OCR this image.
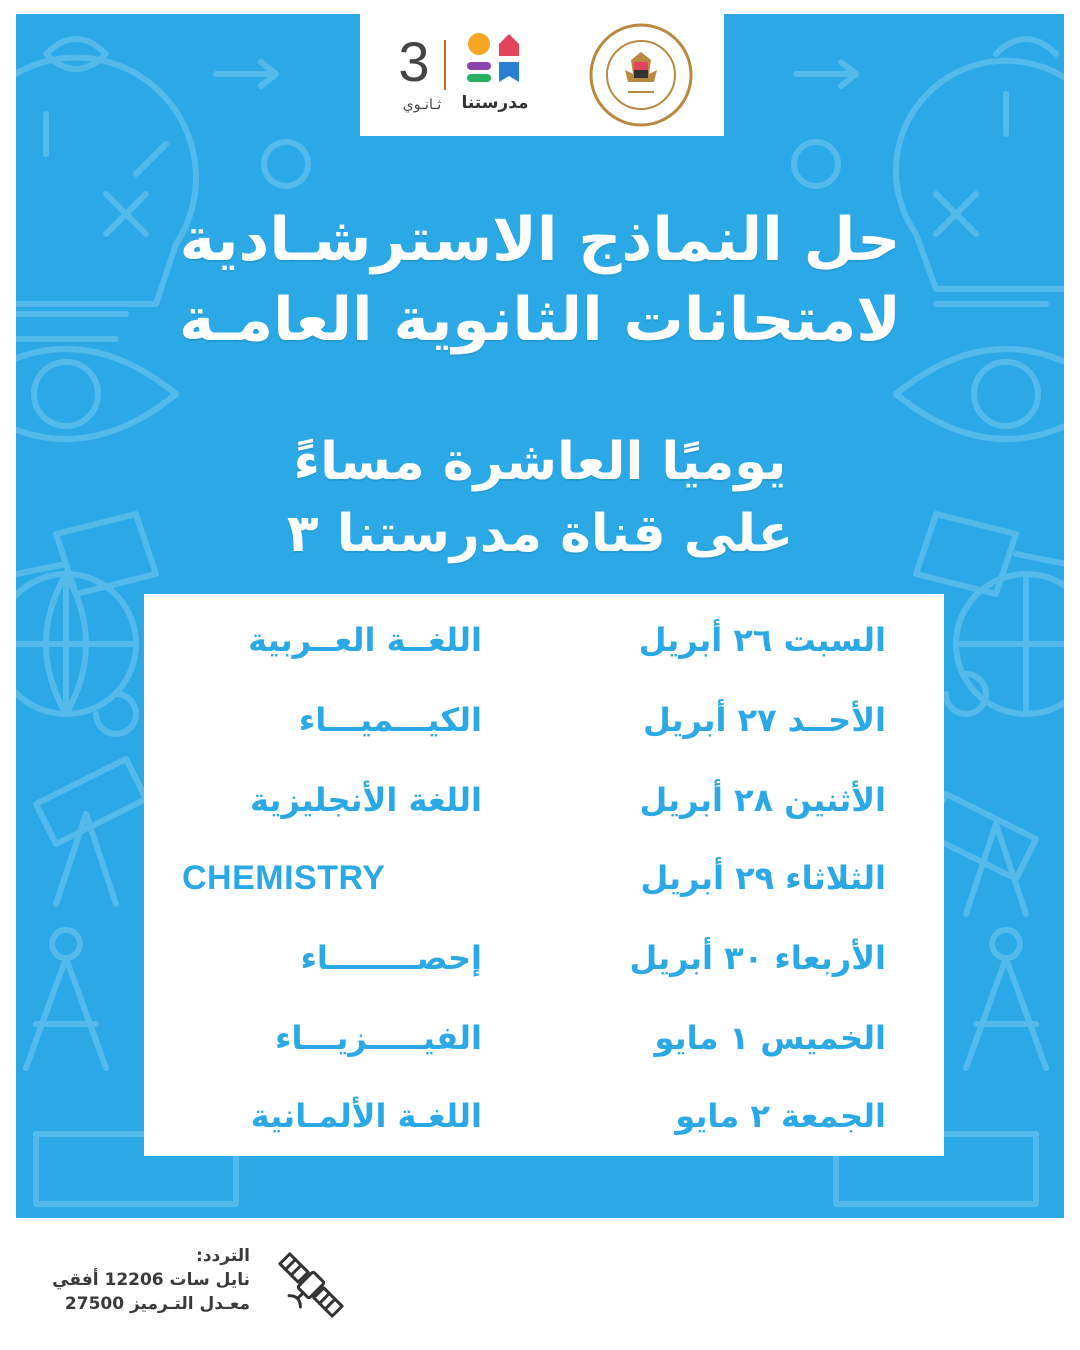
3
ثـانـوي	مدرستنا
حل النماذج الاسترشـادية
لامتحانات الثانوية العامـة
يوميًا العاشرة مساءً
على قناة مدرستنا ٣
السبت ٢٦ أبريل
اللغــة العــربية
الأحــد ٢٧ أبريل
الكيـــميـــاء
الأثنين ٢٨ أبريل
اللغة الأنجليزية
الثلاثاء ٢٩ أبريل
CHEMISTRY
الأربعاء ٣٠ أبريل
إحصــــــــاء
الخميس ١ مايو
الفيـــــزيـــاء
الجمعة ٢ مايو
اللغـة الألمـانية
التردد:
نايل سات 12206 أفقي
معـدل التـرميز 27500
